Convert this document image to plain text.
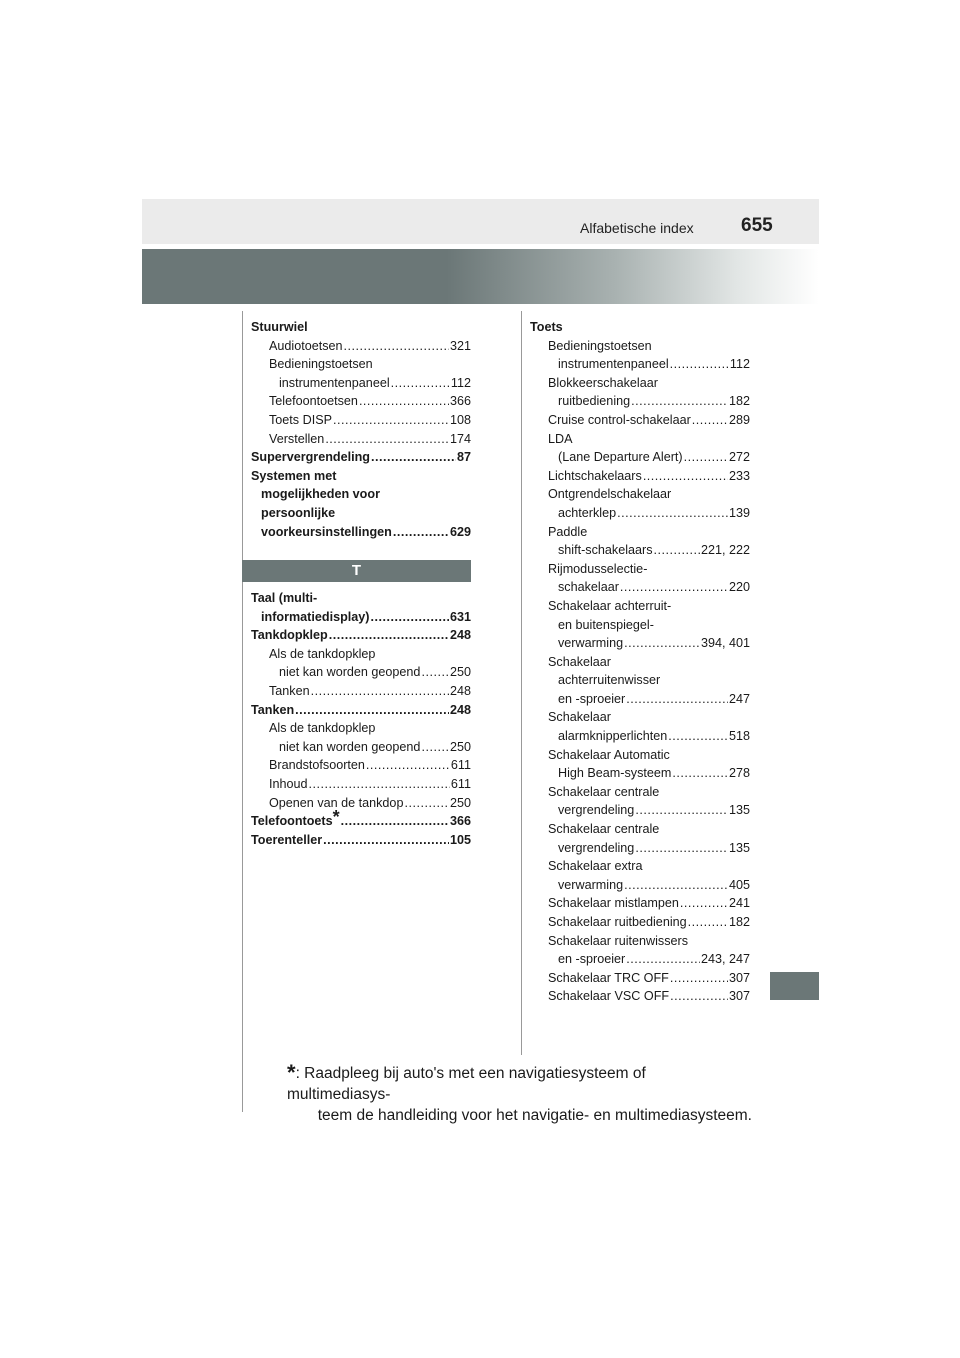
Alfabetische index 655
Stuurwiel
Audiotoetsen .....	321
Bedieningstoetsen
instrumentenpaneel .....	112
Telefoontoetsen .....	366
Toets DISP .....	108
Verstellen .....	174
Supervergrendeling .....	87
Systemen met
mogelijkheden voor
persoonlijke
voorkeursinstellingen .....	629
T
Taal (multi-
informatiedisplay) .....	631
Tankdopklep .....	248
Als de tankdopklep
niet kan worden geopend ..... 250
Tanken .....	248
Tanken .....	248
Als de tankdopklep
niet kan worden geopend ..... 250
Brandstofsoorten .....	611
Inhoud .....	611
Openen van de tankdop .....	250
Telefoontoets* .....	366
Toerenteller .....	105
Toets
Bedieningstoetsen
instrumentenpaneel .....	112
Blokkeerschakelaar
ruitbediening .....	182
Cruise control-schakelaar .....	289
LDA
(Lane Departure Alert) .....	272
Lichtschakelaars .....	233
Ontgrendelschakelaar
achterklep .....	139
Paddle
shift-schakelaars .....	221, 222
Rijmodusselectie-
schakelaar .....	220
Schakelaar achterruit-
en buitenspiegel-
verwarming .....	394, 401
Schakelaar
achterruitenwisser
en -sproeier .....	247
Schakelaar
alarmknipperlichten .....	518
Schakelaar Automatic
High Beam-systeem .....	278
Schakelaar centrale
vergrendeling .....	135
Schakelaar centrale
vergrendeling .....	135
Schakelaar extra
verwarming .....	405
Schakelaar mistlampen .....	241
Schakelaar ruitbediening .....	182
Schakelaar ruitenwissers
en -sproeier .....	243, 247
Schakelaar TRC OFF .....	307
Schakelaar VSC OFF .....	307
*: Raadpleeg bij auto's met een navigatiesysteem of multimediasys-
teem de handleiding voor het navigatie- en multimediasysteem.
